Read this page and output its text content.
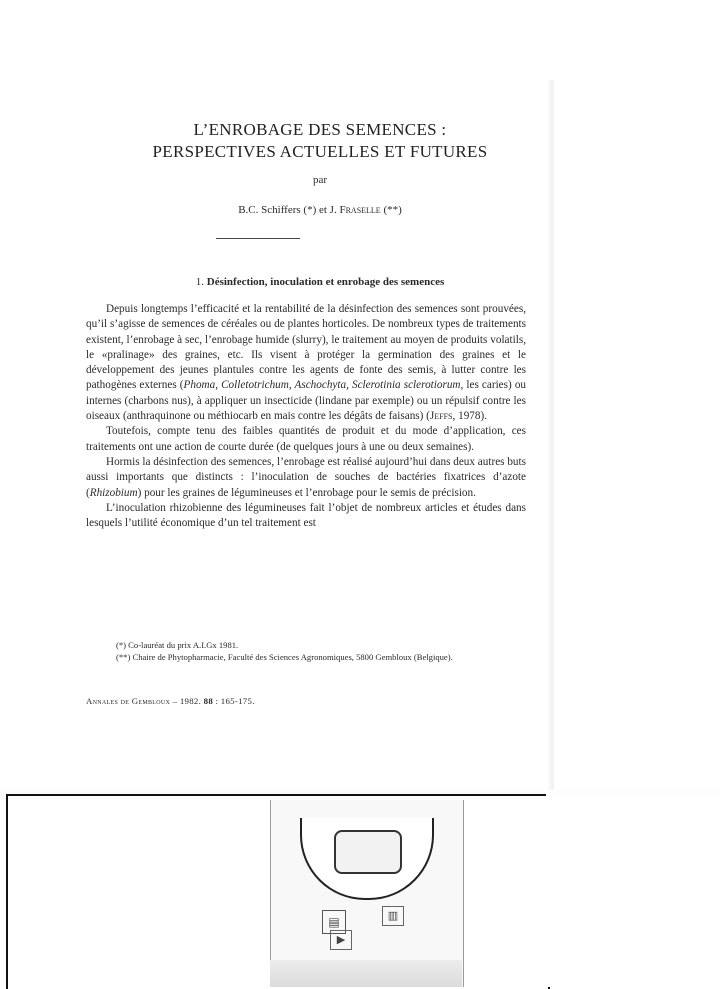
L’ENROBAGE DES SEMENCES :
PERSPECTIVES ACTUELLES ET FUTURES
par
B.C. Schiffers (*) et J. Fraselle (**)
1. Désinfection, inoculation et enrobage des semences

Depuis longtemps l’efficacité et la rentabilité de la désinfection des semences sont prouvées, qu’il s’agisse de semences de céréales ou de plantes horticoles. De nombreux types de traitements existent, l’enrobage à sec, l’enrobage humide (slurry), le traitement au moyen de produits volatils, le «pralinage» des graines, etc. Ils visent à protéger la germination des graines et le développement des jeunes plantules contre les agents de fonte des semis, à lutter contre les pathogènes externes (Phoma, Colletotrichum, Aschochyta, Sclerotinia sclerotiorum, les caries) ou internes (charbons nus), à appliquer un insecticide (lindane par exemple) ou un répulsif contre les oiseaux (anthraquinone ou méthiocarb en mais contre les dégâts de faisans) (Jeffs, 1978).

Toutefois, compte tenu des faibles quantités de produit et du mode d’application, ces traitements ont une action de courte durée (de quelques jours à une ou deux semaines).

Hormis la désinfection des semences, l’enrobage est réalisé aujourd’hui dans deux autres buts aussi importants que distincts : l’inoculation de souches de bactéries fixatrices d’azote (Rhizobium) pour les graines de légumineuses et l’enrobage pour le semis de précision.

L’inoculation rhizobienne des légumineuses fait l’objet de nombreux articles et études dans lesquels l’utilité économique d’un tel traitement est

(*) Co-lauréat du prix A.I.Gx 1981.
(**) Chaire de Phytopharmacie, Faculté des Sciences Agronomiques, 5800 Gembloux (Belgique).
Annales de Gembloux – 1982. 88 : 165-175.
▤
▶
▥
